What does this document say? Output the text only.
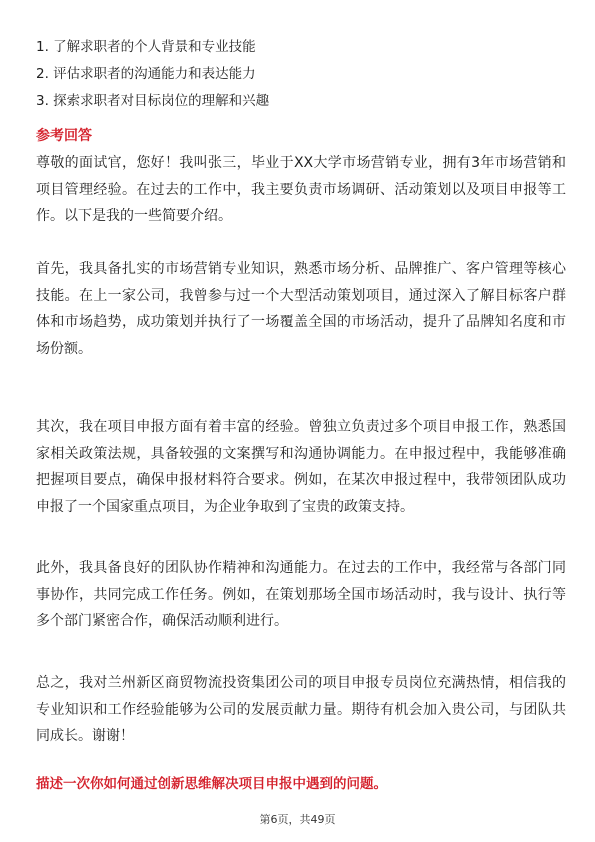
1. 了解求职者的个人背景和专业技能
2. 评估求职者的沟通能力和表达能力
3. 探索求职者对目标岗位的理解和兴趣
参考回答

尊敬的面试官，您好！我叫张三，毕业于XX大学市场营销专业，拥有3年市场营销和项目管理经验。在过去的工作中，我主要负责市场调研、活动策划以及项目申报等工作。以下是我的一些简要介绍。

首先，我具备扎实的市场营销专业知识，熟悉市场分析、品牌推广、客户管理等核心技能。在上一家公司，我曾参与过一个大型活动策划项目，通过深入了解目标客户群体和市场趋势，成功策划并执行了一场覆盖全国的市场活动，提升了品牌知名度和市场份额。

其次，我在项目申报方面有着丰富的经验。曾独立负责过多个项目申报工作，熟悉国家相关政策法规，具备较强的文案撰写和沟通协调能力。在申报过程中，我能够准确把握项目要点，确保申报材料符合要求。例如，在某次申报过程中，我带领团队成功申报了一个国家重点项目，为企业争取到了宝贵的政策支持。

此外，我具备良好的团队协作精神和沟通能力。在过去的工作中，我经常与各部门同事协作，共同完成工作任务。例如，在策划那场全国市场活动时，我与设计、执行等多个部门紧密合作，确保活动顺利进行。

总之，我对兰州新区商贸物流投资集团公司的项目申报专员岗位充满热情，相信我的专业知识和工作经验能够为公司的发展贡献力量。期待有机会加入贵公司，与团队共同成长。谢谢！

描述一次你如何通过创新思维解决项目申报中遇到的问题。
第6页，共49页
